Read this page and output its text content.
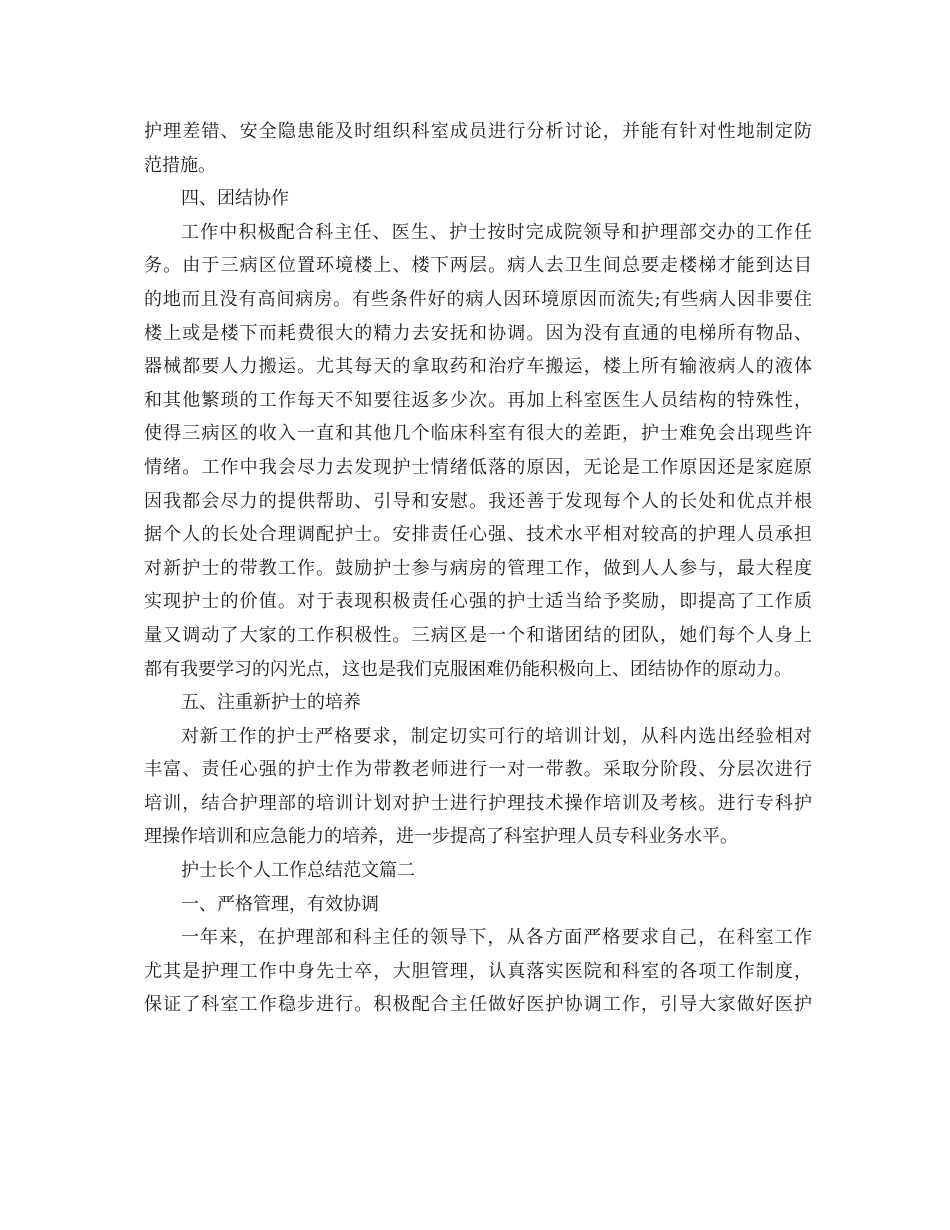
护理差错、安全隐患能及时组织科室成员进行分析讨论，并能有针对性地制定防
范措施。
四、团结协作
工作中积极配合科主任、医生、护士按时完成院领导和护理部交办的工作任
务。由于三病区位置环境楼上、楼下两层。病人去卫生间总要走楼梯才能到达目
的地而且没有高间病房。有些条件好的病人因环境原因而流失;有些病人因非要住
楼上或是楼下而耗费很大的精力去安抚和协调。因为没有直通的电梯所有物品、
器械都要人力搬运。尤其每天的拿取药和治疗车搬运，楼上所有输液病人的液体
和其他繁琐的工作每天不知要往返多少次。再加上科室医生人员结构的特殊性，
使得三病区的收入一直和其他几个临床科室有很大的差距，护士难免会出现些许
情绪。工作中我会尽力去发现护士情绪低落的原因，无论是工作原因还是家庭原
因我都会尽力的提供帮助、引导和安慰。我还善于发现每个人的长处和优点并根
据个人的长处合理调配护士。安排责任心强、技术水平相对较高的护理人员承担
对新护士的带教工作。鼓励护士参与病房的管理工作，做到人人参与，最大程度
实现护士的价值。对于表现积极责任心强的护士适当给予奖励，即提高了工作质
量又调动了大家的工作积极性。三病区是一个和谐团结的团队，她们每个人身上
都有我要学习的闪光点，这也是我们克服困难仍能积极向上、团结协作的原动力。
五、注重新护士的培养
对新工作的护士严格要求，制定切实可行的培训计划，从科内选出经验相对
丰富、责任心强的护士作为带教老师进行一对一带教。采取分阶段、分层次进行
培训，结合护理部的培训计划对护士进行护理技术操作培训及考核。进行专科护
理操作培训和应急能力的培养，进一步提高了科室护理人员专科业务水平。
护士长个人工作总结范文篇二
一、严格管理，有效协调
一年来，在护理部和科主任的领导下，从各方面严格要求自己，在科室工作
尤其是护理工作中身先士卒，大胆管理，认真落实医院和科室的各项工作制度，
保证了科室工作稳步进行。积极配合主任做好医护协调工作，引导大家做好医护
